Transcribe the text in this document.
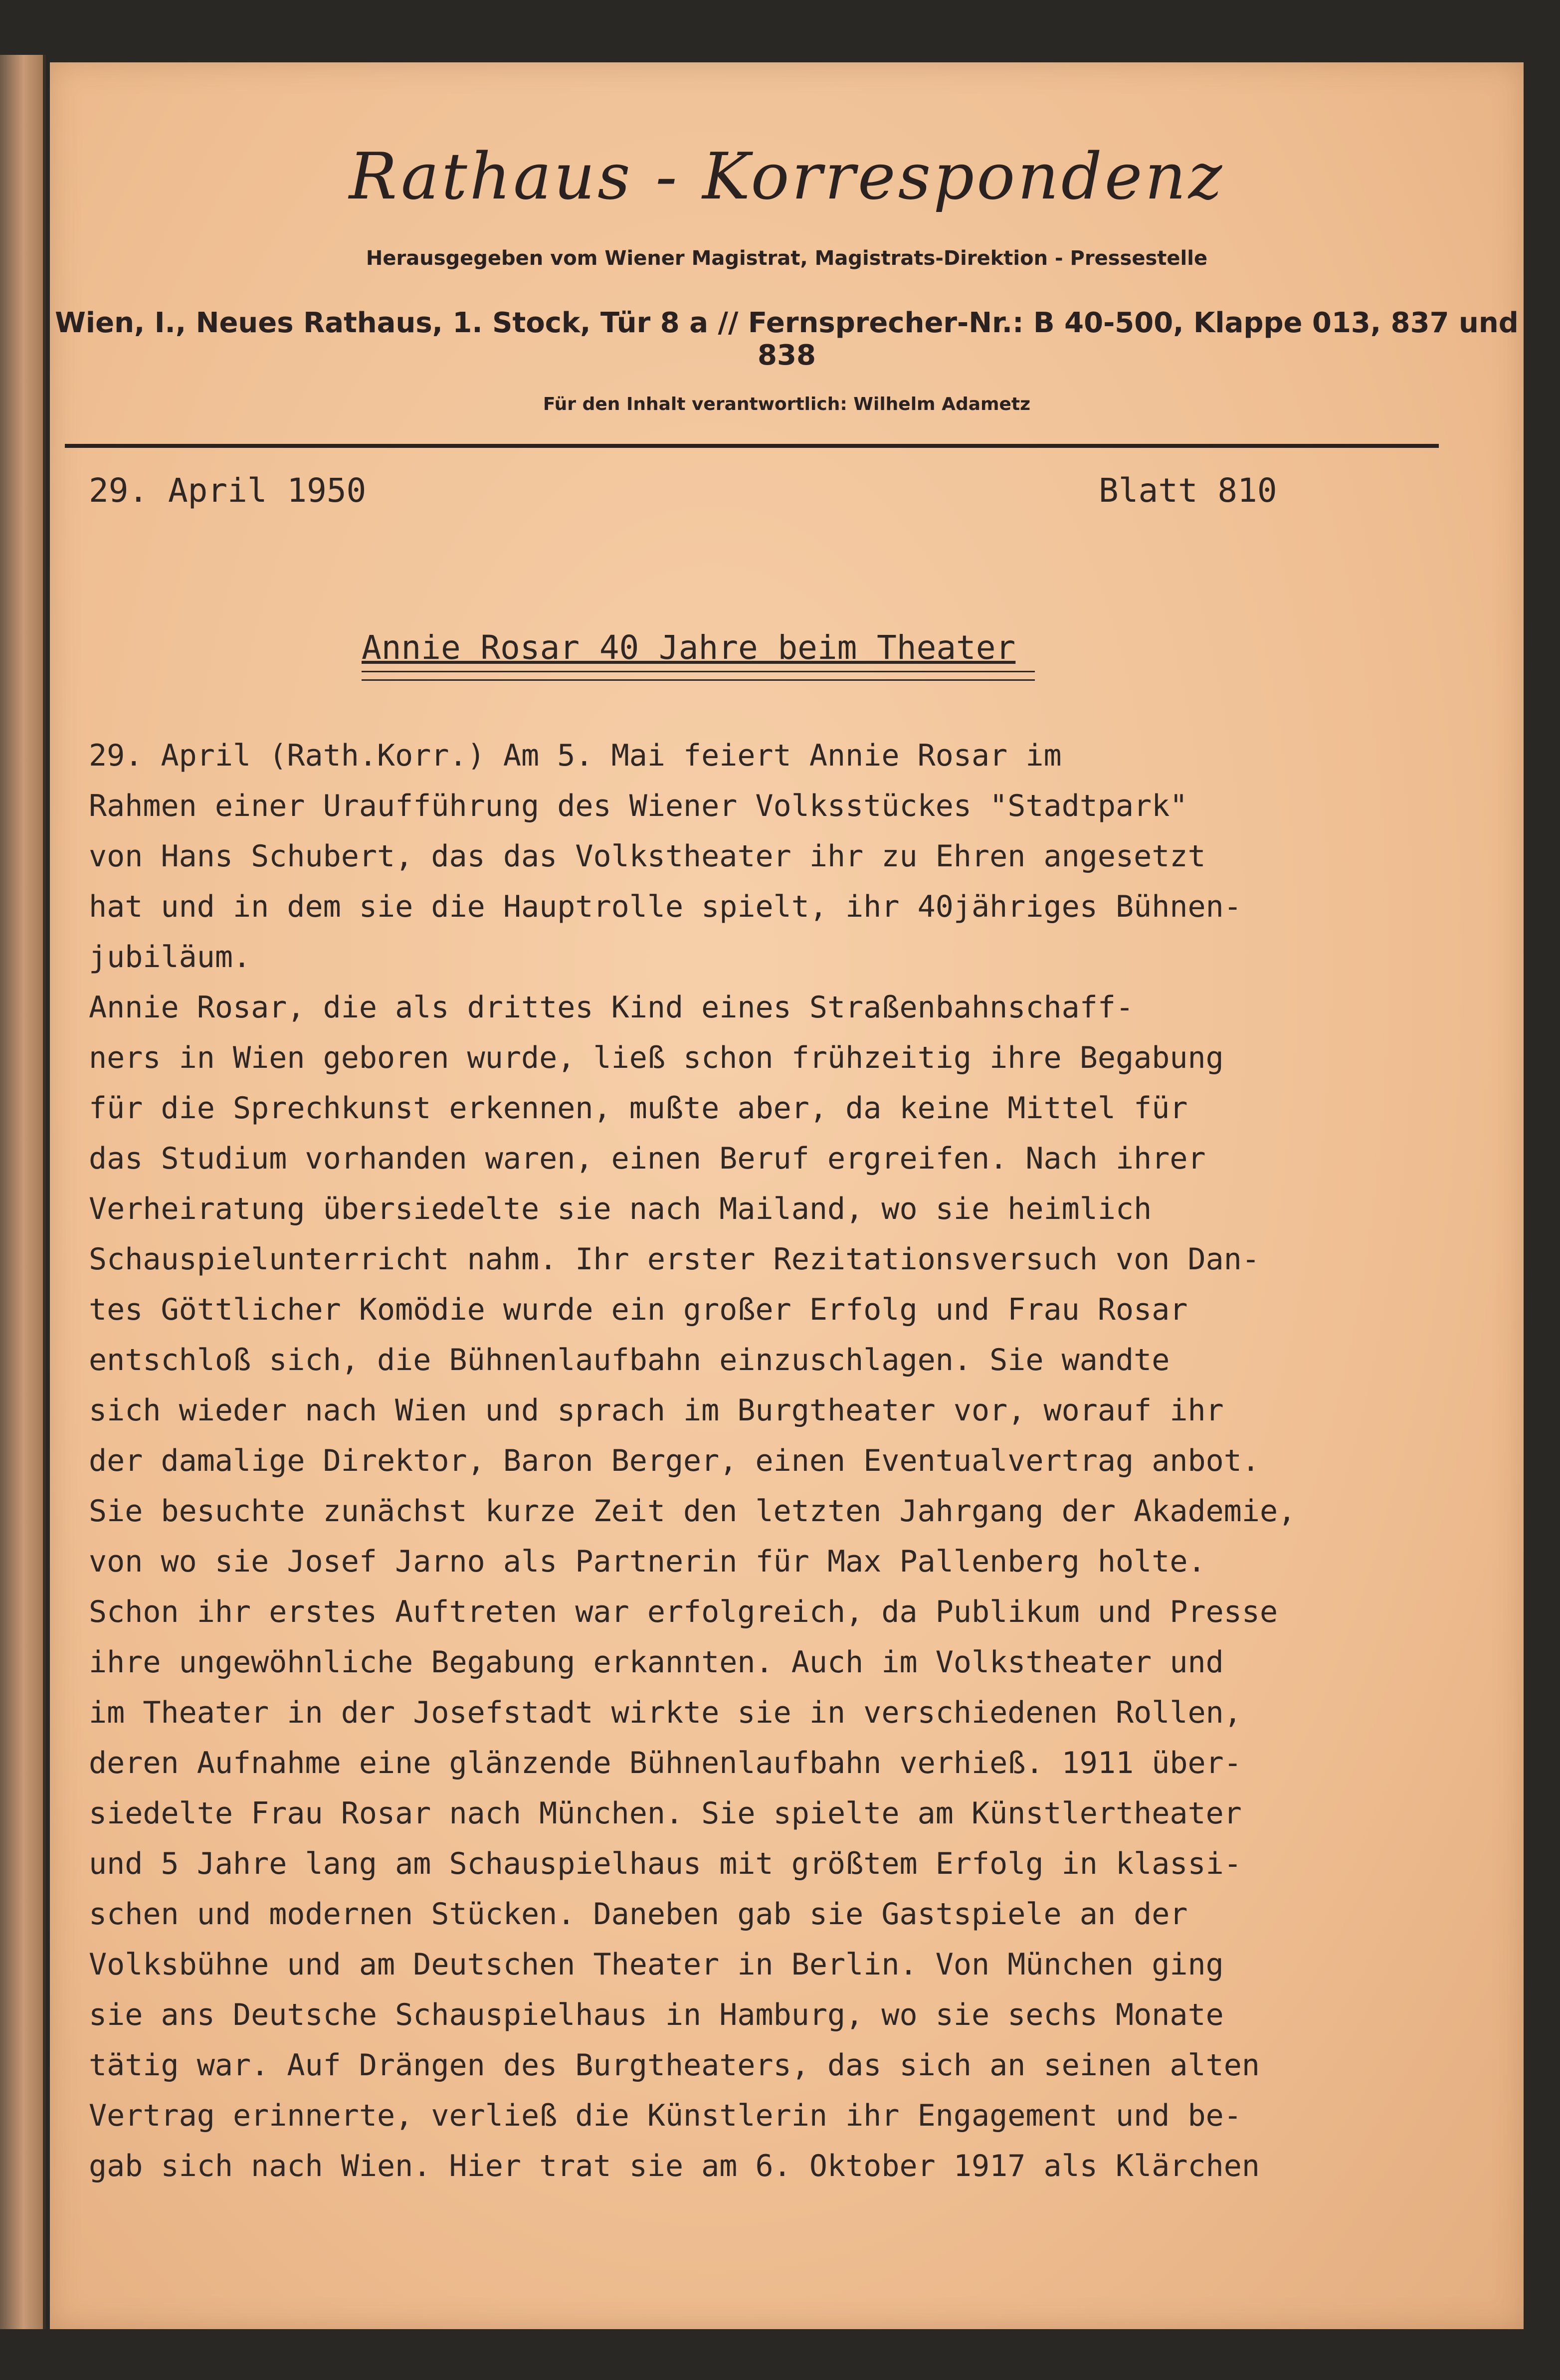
Rathaus - Korrespondenz
Herausgegeben vom Wiener Magistrat, Magistrats-Direktion - Pressestelle
Wien, I., Neues Rathaus, 1. Stock, Tür 8 a // Fernsprecher-Nr.: B 40-500, Klappe 013, 837 und 838
Für den Inhalt verantwortlich: Wilhelm Adametz
29. April 1950	Blatt 810
Annie Rosar 40 Jahre beim Theater
29. April (Rath.Korr.) Am 5. Mai feiert Annie Rosar im
Rahmen einer Uraufführung des Wiener Volksstückes "Stadtpark"
von Hans Schubert, das das Volkstheater ihr zu Ehren angesetzt
hat und in dem sie die Hauptrolle spielt, ihr 40jähriges Bühnen-
jubiläum.
Annie Rosar, die als drittes Kind eines Straßenbahnschaff-
ners in Wien geboren wurde, ließ schon frühzeitig ihre Begabung
für die Sprechkunst erkennen, mußte aber, da keine Mittel für
das Studium vorhanden waren, einen Beruf ergreifen. Nach ihrer
Verheiratung übersiedelte sie nach Mailand, wo sie heimlich
Schauspielunterricht nahm. Ihr erster Rezitationsversuch von Dan-
tes Göttlicher Komödie wurde ein großer Erfolg und Frau Rosar
entschloß sich, die Bühnenlaufbahn einzuschlagen. Sie wandte
sich wieder nach Wien und sprach im Burgtheater vor, worauf ihr
der damalige Direktor, Baron Berger, einen Eventualvertrag anbot.
Sie besuchte zunächst kurze Zeit den letzten Jahrgang der Akademie,
von wo sie Josef Jarno als Partnerin für Max Pallenberg holte.
Schon ihr erstes Auftreten war erfolgreich, da Publikum und Presse
ihre ungewöhnliche Begabung erkannten. Auch im Volkstheater und
im Theater in der Josefstadt wirkte sie in verschiedenen Rollen,
deren Aufnahme eine glänzende Bühnenlaufbahn verhieß. 1911 über-
siedelte Frau Rosar nach München. Sie spielte am Künstlertheater
und 5 Jahre lang am Schauspielhaus mit größtem Erfolg in klassi-
schen und modernen Stücken. Daneben gab sie Gastspiele an der
Volksbühne und am Deutschen Theater in Berlin. Von München ging
sie ans Deutsche Schauspielhaus in Hamburg, wo sie sechs Monate
tätig war. Auf Drängen des Burgtheaters, das sich an seinen alten
Vertrag erinnerte, verließ die Künstlerin ihr Engagement und be-
gab sich nach Wien. Hier trat sie am 6. Oktober 1917 als Klärchen
